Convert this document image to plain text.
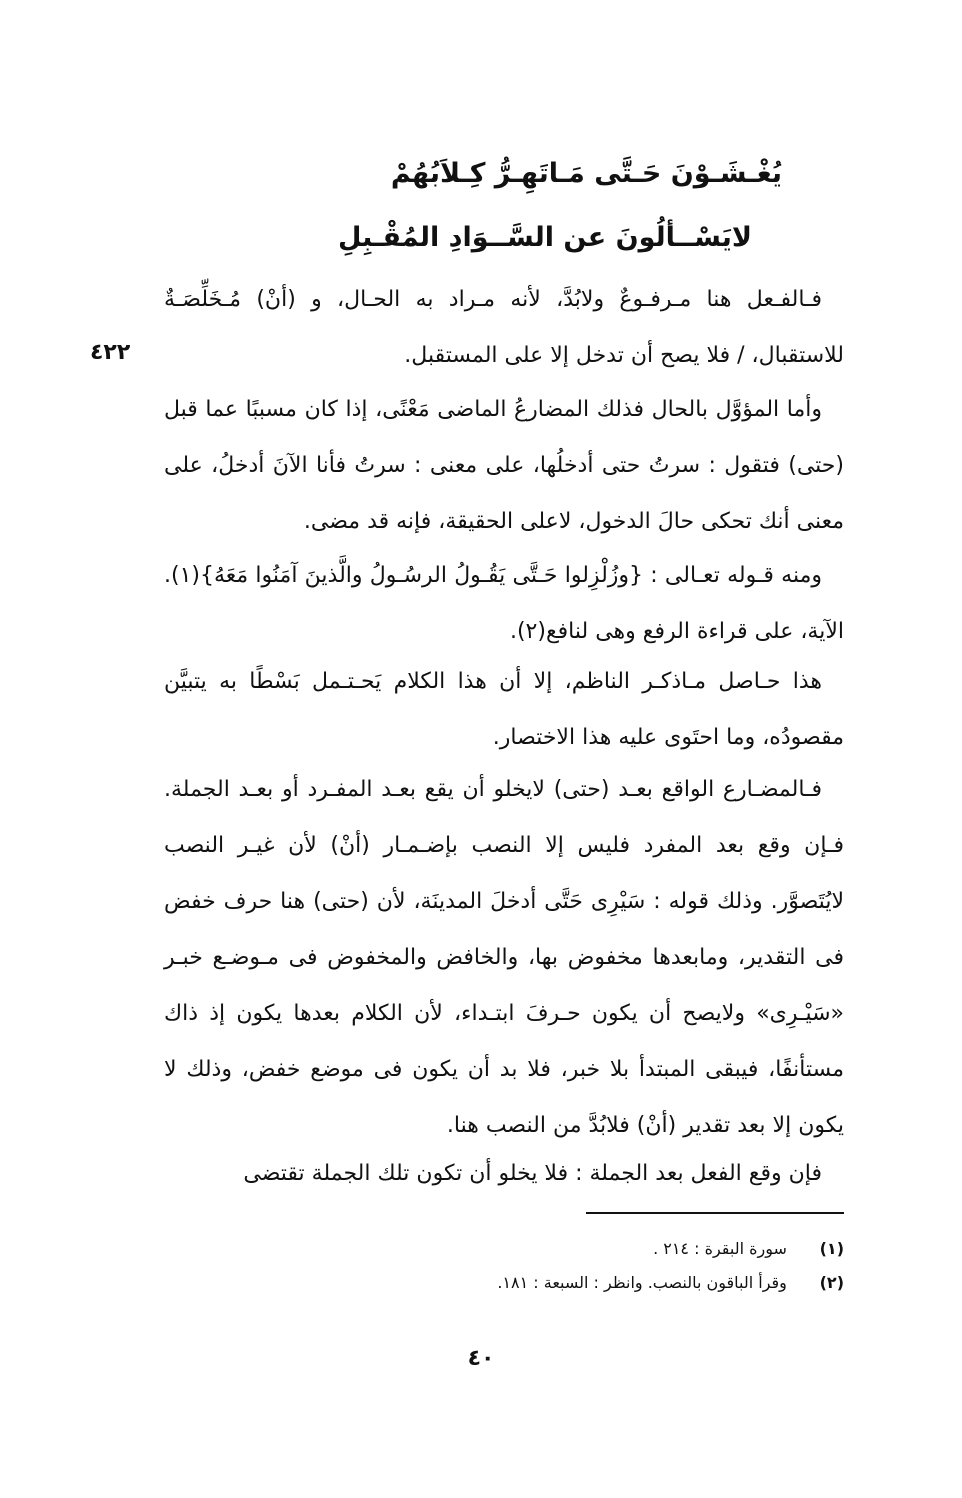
يُغْـشَـوْنَ حَـتَّى مَـاتَهِـرُّ كِـلاَبُهُمْ
لايَسْــألُونَ عن السَّــوَادِ المُقْـبِلِ
٤٢٢

فـالفـعل هنا مـرفـوعٌ ولابُدَّ، لأنه مـراد به الحـال، و (أنْ) مُـخَلِّصَـةٌ للاستقبال، / فلا يصح أن تدخل إلا على المستقبل.

وأما المؤوَّل بالحال فذلك المضارعُ الماضى مَعْنًى، إذا كان مسببًا عما قبل (حتى) فتقول : سرتُ حتى أدخلُها، على معنى : سرتُ فأنا الآنَ أدخلُ، على معنى أنك تحكى حالَ الدخول، لاعلى الحقيقة، فإنه قد مضى.

ومنه قـوله تعـالى : {وزُلْزِلوا حَـتَّى يَقُـولُ الرسُـولُ والَّذينَ آمَنُوا مَعَهُ}(١). الآية، على قراءة الرفع وهى لنافع(٢).

هذا حـاصل مـاذكـر الناظم، إلا أن هذا الكلام يَحـتـمل بَسْطًا به يتبيَّن مقصودُه، وما احتَوى عليه هذا الاختصار.

فـالمضـارع الواقع بعـد (حتى) لايخلو أن يقع بعـد المفـرد أو بعـد الجملة. فـإن وقع بعد المفرد فليس إلا النصب بإضـمـار (أنْ) لأن غيـر النصب لايُتَصوَّر. وذلك قوله : سَيْرِى حَتَّى أدخلَ المدينَة، لأن (حتى) هنا حرف خفض فى التقدير، ومابعدها مخفوض بها، والخافض والمخفوض فى مـوضـع خبـر «سَيْـرِى» ولايصح أن يكون حـرفَ ابتـداء، لأن الكلام بعدها يكون إذ ذاك مستأنفًا، فيبقى المبتدأ بلا خبر، فلا بد أن يكون فى موضع خفض، وذلك لا يكون إلا بعد تقدير (أنْ) فلابُدَّ من النصب هنا.

فإن وقع الفعل بعد الجملة : فلا يخلو أن تكون تلك الجملة تقتضى

(١) سورة البقرة : ٢١٤ .
(٢) وقرأ الباقون بالنصب. وانظر : السبعة : ١٨١.
٤٠
